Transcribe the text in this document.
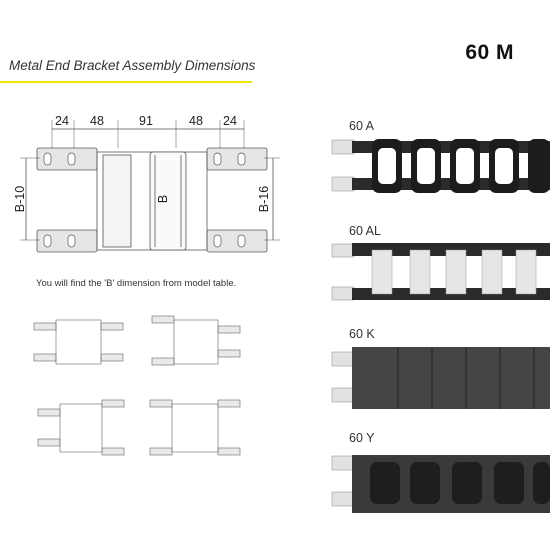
Metal End Bracket Assembly Dimensions
60 M
24 48	91	48 24
B-10	B	B-16
You will find the 'B' dimension from model table.
60 A
60 AL
60 K
60 Y
